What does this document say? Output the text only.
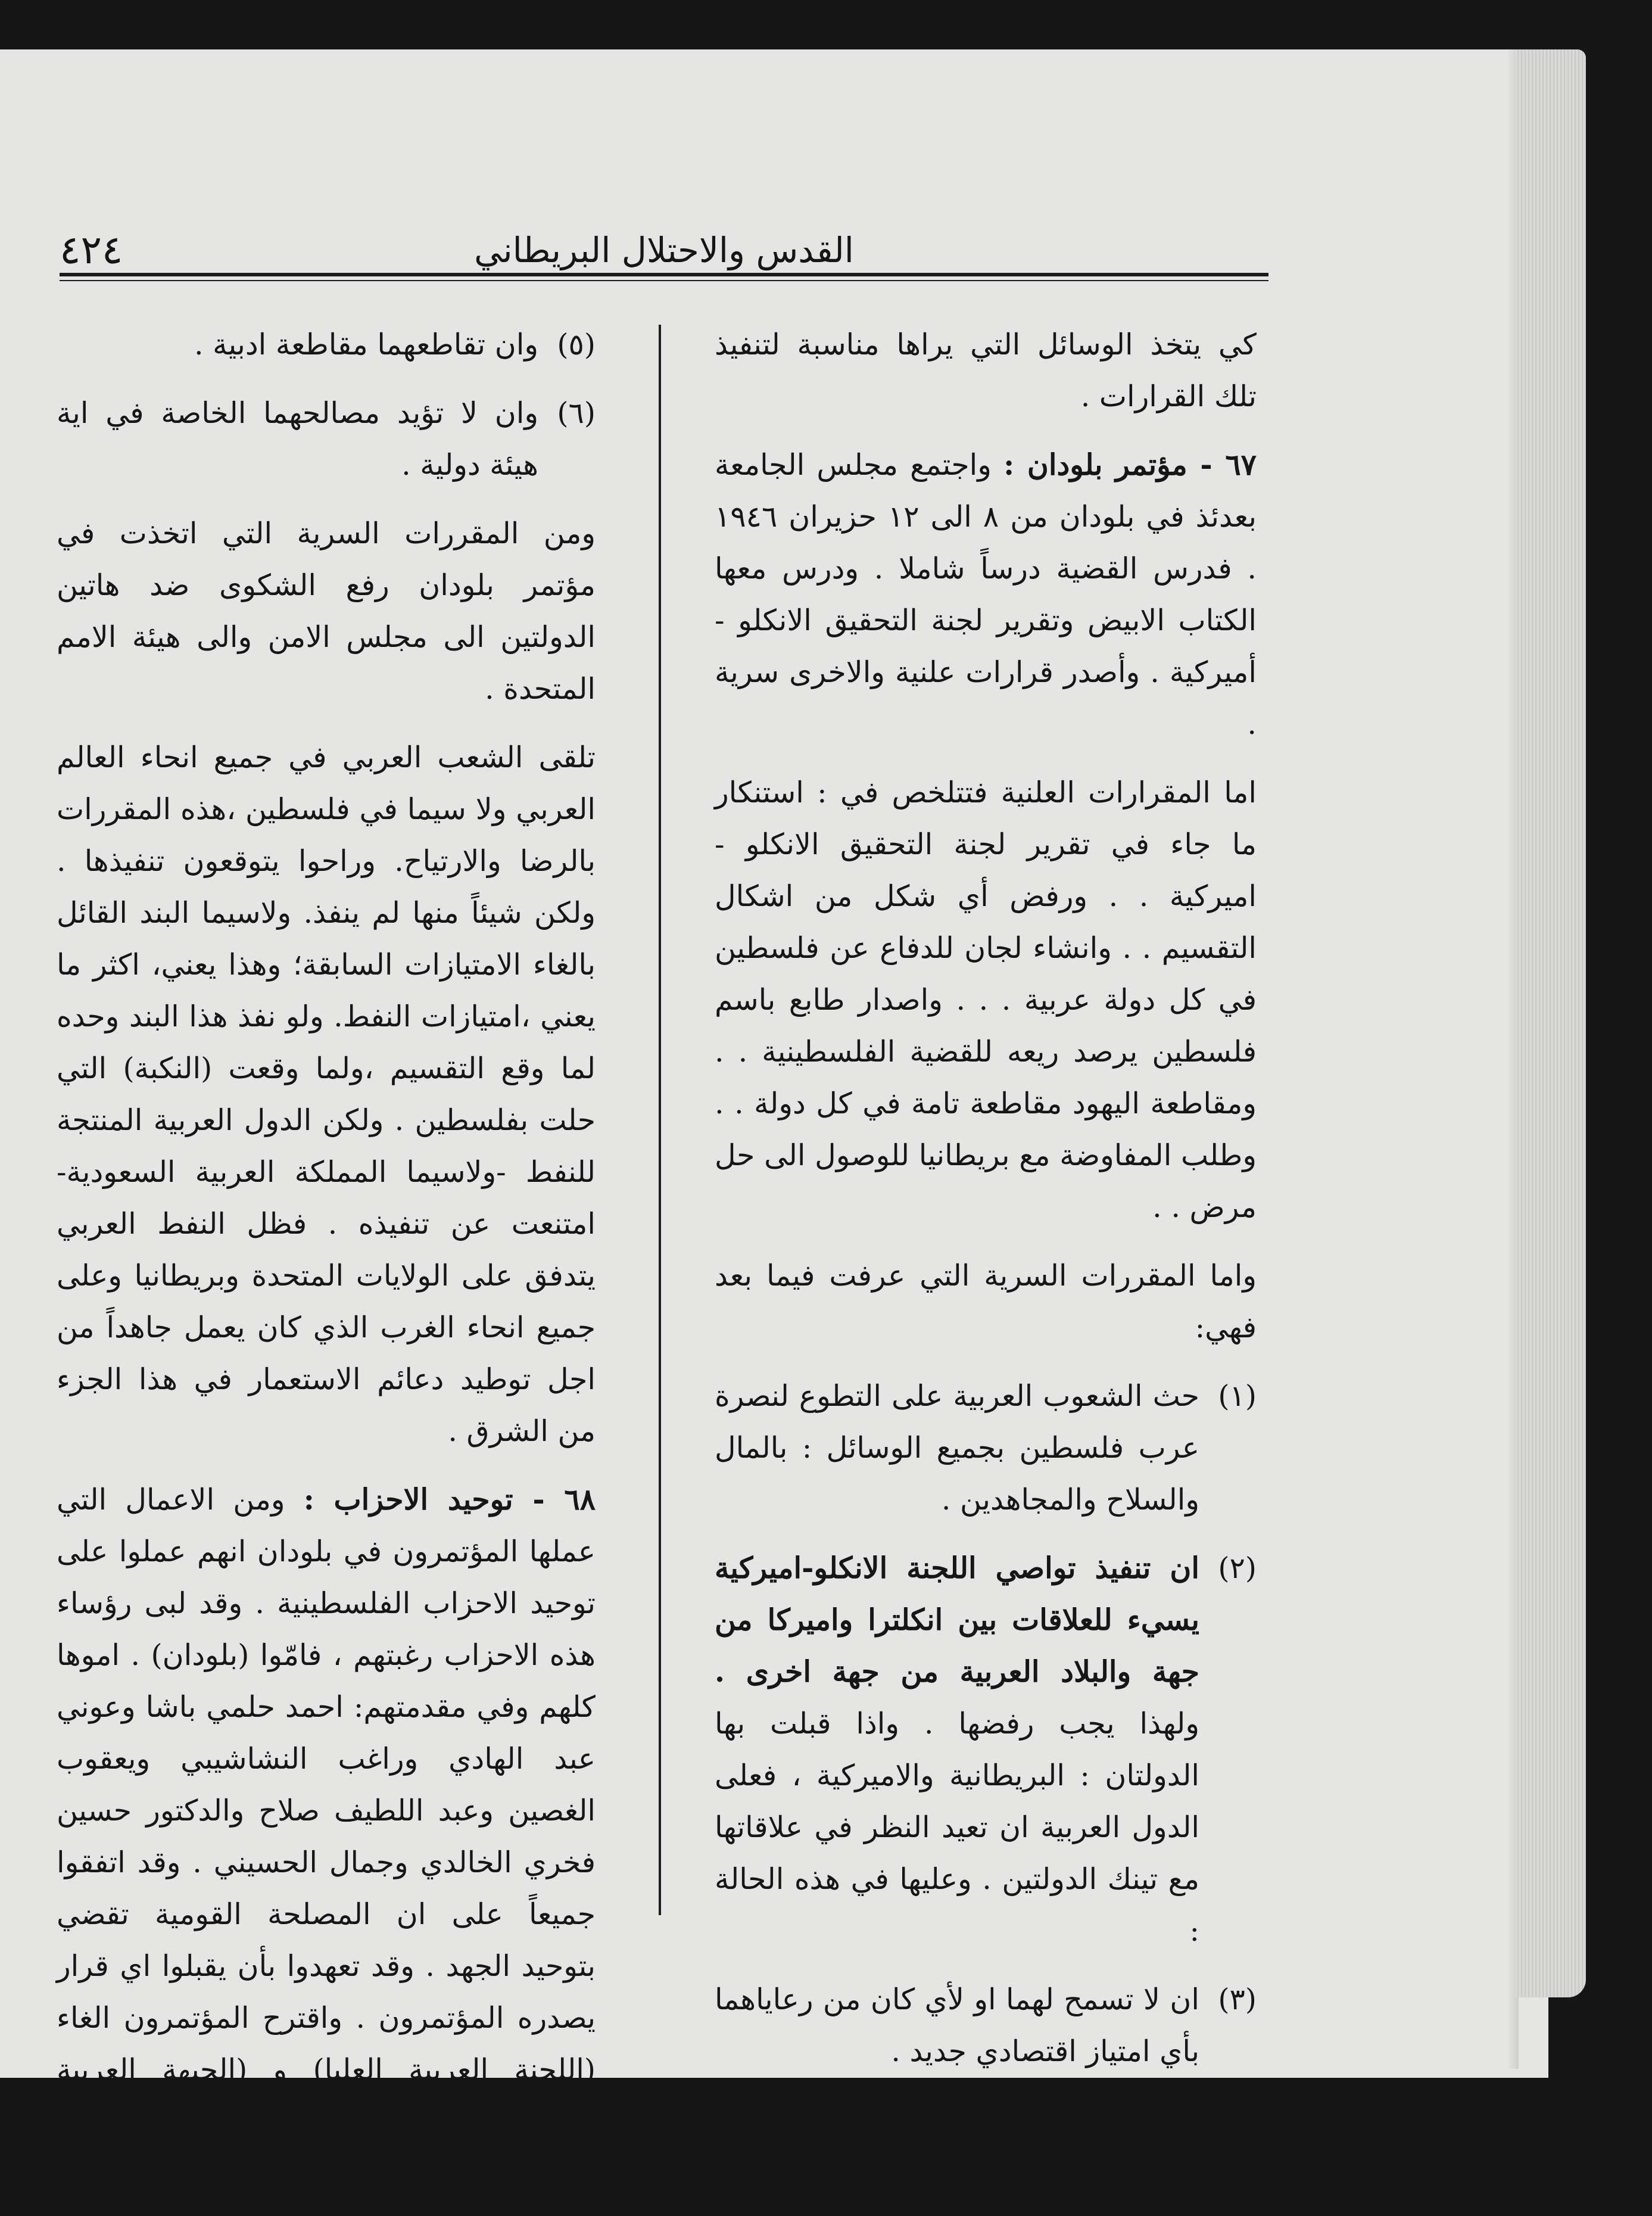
٤٢٤	القدس والاحتلال البريطاني

كي يتخذ الوسائل التي يراها مناسبة لتنفيذ تلك القرارات .

٦٧ - مؤتمر بلودان : واجتمع مجلس الجامعة بعدئذ في بلودان من ٨ الى ١٢ حزيران ١٩٤٦ . فدرس القضية درساً شاملا . ودرس معها الكتاب الابيض وتقرير لجنة التحقيق الانكلو - أميركية . وأصدر قرارات علنية والاخرى سرية .

اما المقرارات العلنية فتتلخص في : استنكار ما جاء في تقرير لجنة التحقيق الانكلو - اميركية . . ورفض أي شكل من اشكال التقسيم . . وانشاء لجان للدفاع عن فلسطين في كل دولة عربية . . . واصدار طابع باسم فلسطين يرصد ريعه للقضية الفلسطينية . . ومقاطعة اليهود مقاطعة تامة في كل دولة . . وطلب المفاوضة مع بريطانيا للوصول الى حل مرض . .

واما المقررات السرية التي عرفت فيما بعد فهي:

(١)
حث الشعوب العربية على التطوع لنصرة عرب فلسطين بجميع الوسائل : بالمال والسلاح والمجاهدين .
(٢)
ان تنفيذ تواصي اللجنة الانكلو-اميركية يسيء للعلاقات بين انكلترا واميركا من جهة والبلاد العربية من جهة اخرى . ولهذا يجب رفضها . واذا قبلت بها الدولتان : البريطانية والاميركية ، فعلى الدول العربية ان تعيد النظر في علاقاتها مع تينك الدولتين . وعليها في هذه الحالة :
(٣)
ان لا تسمح لهما او لأي كان من رعاياهما بأي امتياز اقتصادي جديد .
(٤)
وان تنظر في الغاء ما لهما من امتيازات في البلاد العربية .
(٥)
وان تقاطعهما مقاطعة ادبية .
(٦)
وان لا تؤيد مصالحهما الخاصة في اية هيئة دولية .

ومن المقررات السرية التي اتخذت في مؤتمر بلودان رفع الشكوى ضد هاتين الدولتين الى مجلس الامن والى هيئة الامم المتحدة .

تلقى الشعب العربي في جميع انحاء العالم العربي ولا سيما في فلسطين ،هذه المقررات بالرضا والارتياح. وراحوا يتوقعون تنفيذها . ولكن شيئاً منها لم ينفذ. ولاسيما البند القائل بالغاء الامتيازات السابقة؛ وهذا يعني، اكثر ما يعني ،امتيازات النفط. ولو نفذ هذا البند وحده لما وقع التقسيم ،ولما وقعت (النكبة) التي حلت بفلسطين . ولكن الدول العربية المنتجة للنفط -ولاسيما المملكة العربية السعودية- امتنعت عن تنفيذه . فظل النفط العربي يتدفق على الولايات المتحدة وبريطانيا وعلى جميع انحاء الغرب الذي كان يعمل جاهداً من اجل توطيد دعائم الاستعمار في هذا الجزء من الشرق .

٦٨ - توحيد الاحزاب : ومن الاعمال التي عملها المؤتمرون في بلودان انهم عملوا على توحيد الاحزاب الفلسطينية . وقد لبى رؤساء هذه الاحزاب رغبتهم ، فامّوا (بلودان) . اموها كلهم وفي مقدمتهم: احمد حلمي باشا وعوني عبد الهادي وراغب النشاشيبي ويعقوب الغصين وعبد اللطيف صلاح والدكتور حسين فخري الخالدي وجمال الحسيني . وقد اتفقوا جميعاً على ان المصلحة القومية تقضي بتوحيد الجهد . وقد تعهدوا بأن يقبلوا اي قرار يصدره المؤتمرون . واقترح المؤتمرون الغاء (اللجنة العربية العليا) و (الجبهة العربية العليا). وتوحيدهما في لجنة واحدة اسموها: ( الهيئة العربية
